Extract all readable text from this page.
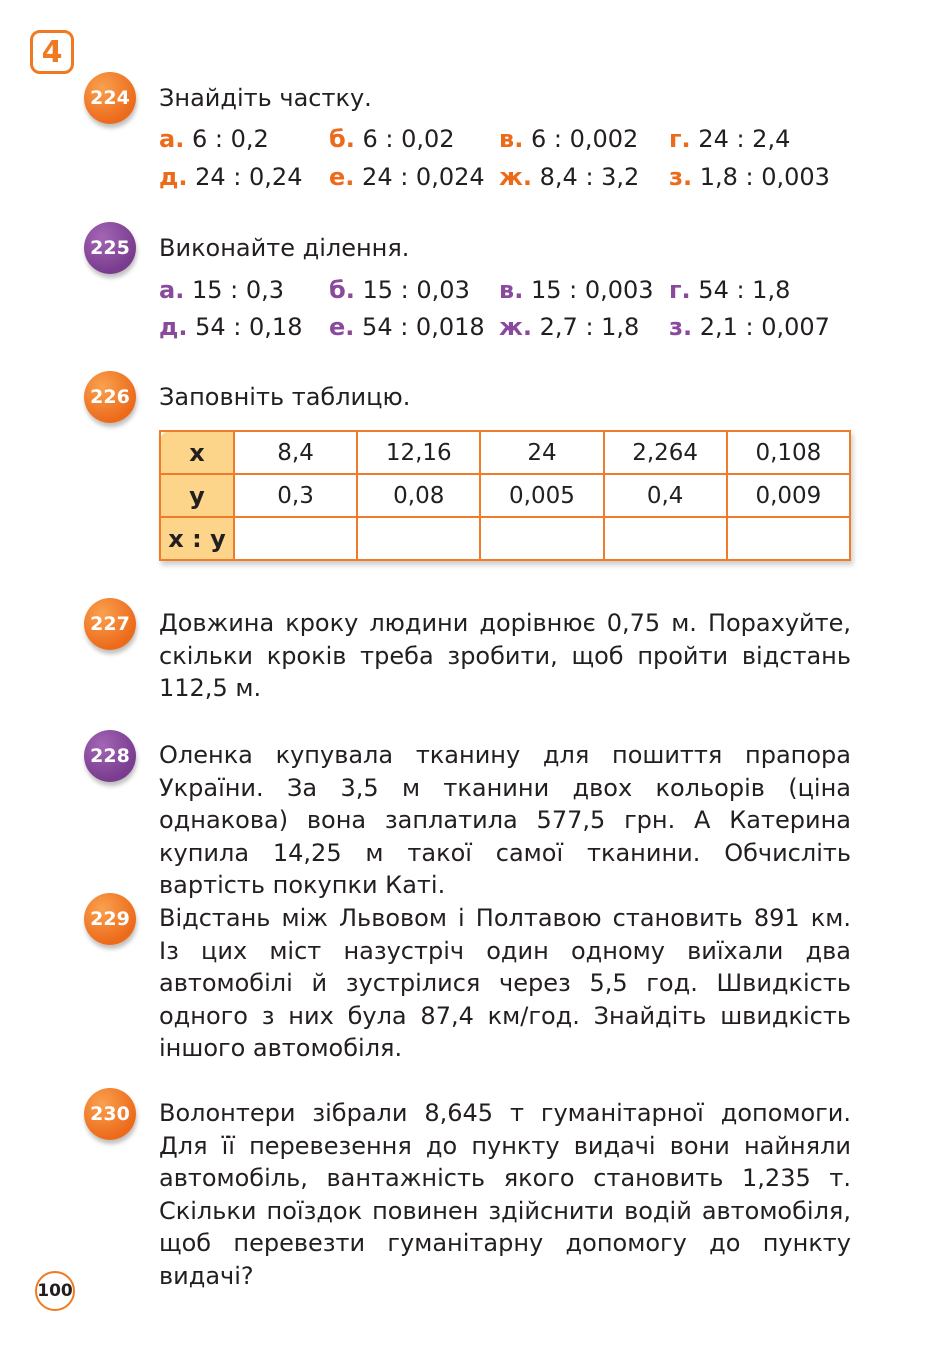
4
224 Знайдіть частку.
а. 6 : 0,2	б. 6 : 0,02 в. 6 : 0,002 г. 24 : 2,4
д. 24 : 0,24 е. 24 : 0,024 ж. 8,4 : 3,2 з. 1,8 : 0,003
225 Виконайте ділення.
а. 15 : 0,3 б. 15 : 0,03 в. 15 : 0,003 г. 54 : 1,8
д. 54 : 0,18 е. 54 : 0,018 ж. 2,7 : 1,8 з. 2,1 : 0,007
226 Заповніть таблицю.
x	8,4	12,16	24	2,264	0,108
y	0,3	0,08	0,005	0,4	0,009
x : y					
227 Довжина кроку людини дорівнює 0,75 м. Порахуйте, скільки кроків треба зробити, щоб пройти відстань 112,5 м.

228 Оленка купувала тканину для пошиття прапора України. За 3,5 м тканини двох кольорів (ціна однакова) вона заплатила 577,5 грн. А Катерина купила 14,25 м такої самої тканини. Обчисліть вартість покупки Каті.

229 Відстань між Львовом і Полтавою становить 891 км. Із цих міст назустріч один одному виїхали два автомобілі й зустрілися через 5,5 год. Швидкість одного з них була 87,4 км/год. Знайдіть швидкість іншого автомобіля.

230 Волонтери зібрали 8,645 т гуманітарної допомоги. Для її перевезення до пункту видачі вони найняли автомобіль, вантажність якого становить 1,235 т. Скільки поїздок повинен здійснити водій автомобіля, щоб перевезти гуманітарну допомогу до пункту видачі?

100
